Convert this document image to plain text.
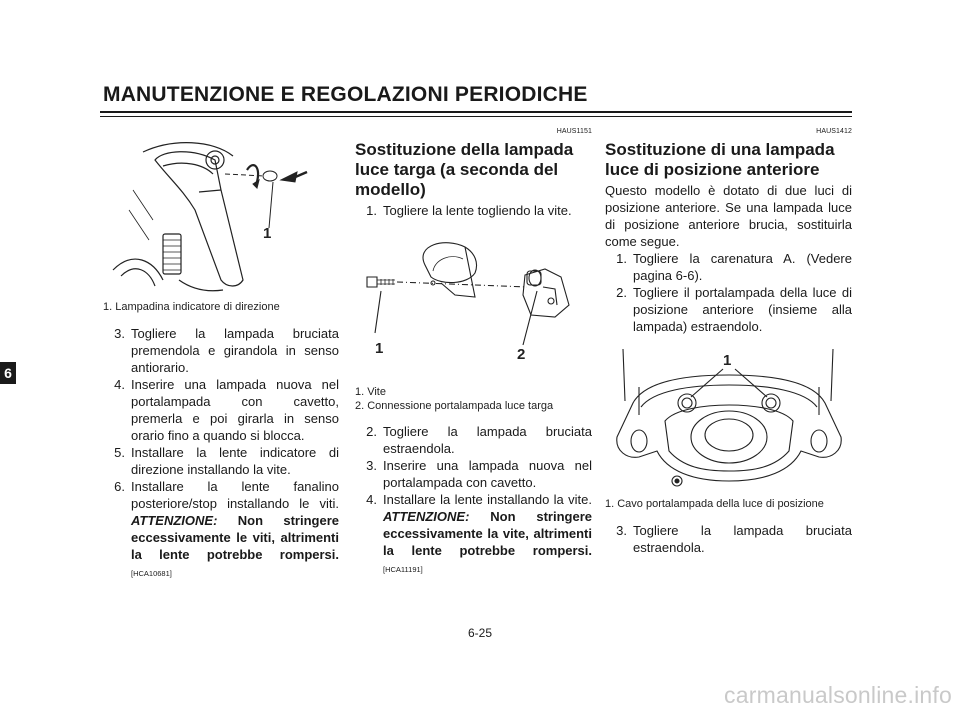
MANUTENZIONE E REGOLAZIONI PERIODICHE
6
1

1. Lampadina indicatore di direzione

3. Togliere la lampada bruciata premendola e girandola in senso antiorario.
4. Inserire una lampada nuova nel portalampada con cavetto, premerla e poi girarla in senso orario fino a quando si blocca.
5. Installare la lente indicatore di direzione installando la vite.
6. Installare la lente fanalino posteriore/stop installando le viti. ATTENZIONE: Non stringere eccessivamente le viti, altrimenti la lente potrebbe rompersi. [HCA10681]
HAUS1151
Sostituzione della lampada luce targa (a seconda del modello)
1. Togliere la lente togliendo la vite.
1	2

1. Vite

2. Connessione portalampada luce targa

2. Togliere la lampada bruciata estraendola.
3. Inserire una lampada nuova nel portalampada con cavetto.
4. Installare la lente installando la vite. ATTENZIONE: Non stringere eccessivamente la vite, altrimenti la lente potrebbe rompersi. [HCA11191]
HAUS1412
Sostituzione di una lampada luce di posizione anteriore

Questo modello è dotato di due luci di posizione anteriore. Se una lampada luce di posizione anteriore brucia, sostituirla come segue.

1. Togliere la carenatura A. (Vedere pagina 6-6).
2. Togliere il portalampada della luce di posizione anteriore (insieme alla lampada) estraendolo.
1

1. Cavo portalampada della luce di posizione

3. Togliere la lampada bruciata estraendola.
6-25
carmanualsonline.info
